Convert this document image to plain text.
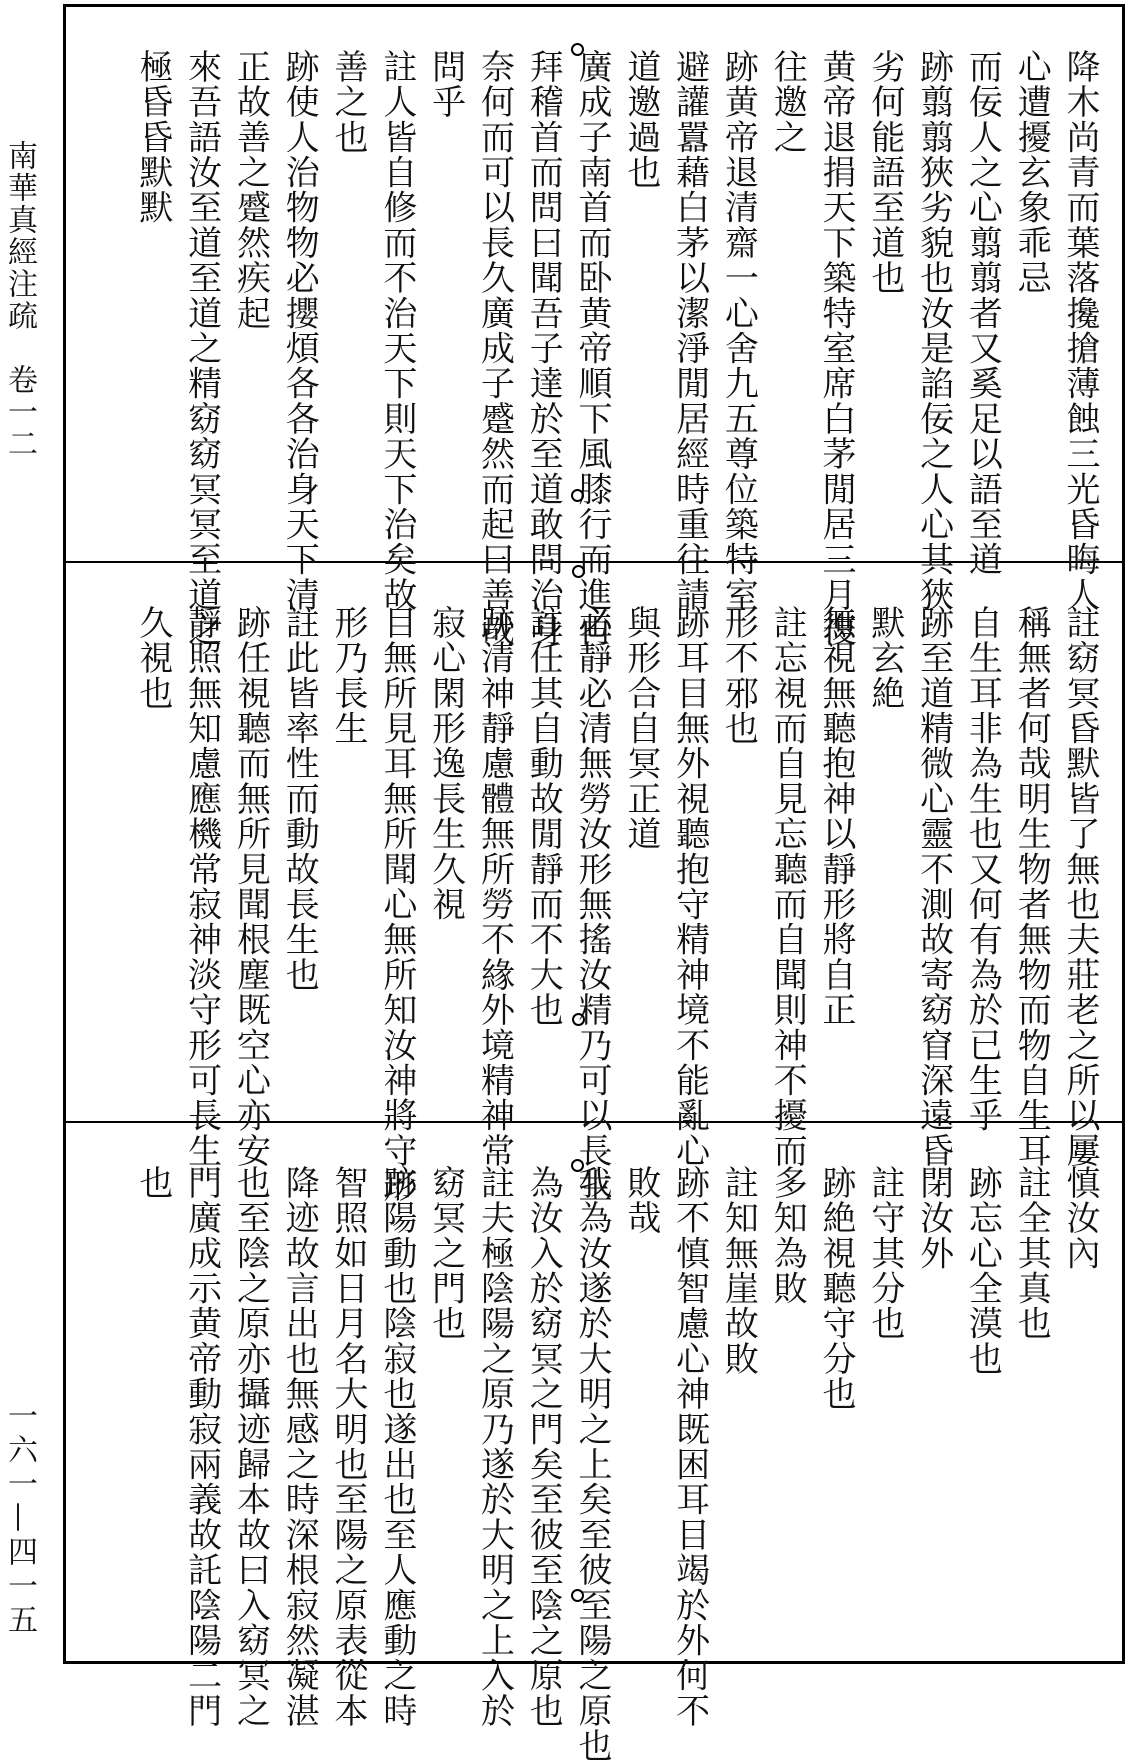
南華真經注疏　卷一二
一六一—四一五
降木尚青而葉落攙搶薄蝕三光昏晦人
心遭擾玄象乖忌
而佞人之心翦翦者又奚足以語至道
跡翦翦狹劣貌也汝是諂佞之人心其狹
劣何能語至道也
黄帝退捐天下築特室席白茅閒居三月復
往邀之
跡黄帝退清齋一心舍九五尊位築特室
避讙囂藉白茅以潔淨閒居經時重往請
道邀過也
廣成子南首而卧黄帝順下風膝行而進再
拜稽首而問曰聞吾子達於至道敢問治身
奈何而可以長久廣成子蹙然而起曰善哉
問乎
註人皆自修而不治天下則天下治矣故
善之也
跡使人治物物必攖煩各各治身天下清
正故善之蹙然疾起
來吾語汝至道至道之精窈窈冥冥至道之
極昏昏默默
註窈冥昏默皆了無也夫莊老之所以屢
稱無者何哉明生物者無物而物自生耳
自生耳非為生也又何有為於已生乎
跡至道精微心靈不測故寄窈窅深遠昏
默玄絶
無視無聽抱神以靜形將自正
註忘視而自見忘聽而自聞則神不擾而
形不邪也
跡耳目無外視聽抱守精神境不能亂心
與形合自冥正道
必靜必清無勞汝形無搖汝精乃可以長生
註任其自動故閒靜而不大也
跡清神靜慮體無所勞不緣外境精神常
寂心閑形逸長生久視
目無所見耳無所聞心無所知汝神將守形
形乃長生
註此皆率性而動故長生也
跡任視聽而無所見聞根塵既空心亦安
靜照無知慮應機常寂神淡守形可長生
久視也
慎汝內
註全其真也
跡忘心全漠也
閉汝外
註守其分也
跡絶視聽守分也
多知為敗
註知無崖故敗
跡不慎智慮心神既困耳目竭於外何不
敗哉
我為汝遂於大明之上矣至彼至陽之原也
為汝入於窈冥之門矣至彼至陰之原也
註夫極陰陽之原乃遂於大明之上入於
窈冥之門也
跡陽動也陰寂也遂出也至人應動之時
智照如日月名大明也至陽之原表從本
降迹故言出也無感之時深根寂然凝湛
也至陰之原亦攝迹歸本故曰入窈冥之
門廣成示黄帝動寂兩義故託陰陽二門
也
